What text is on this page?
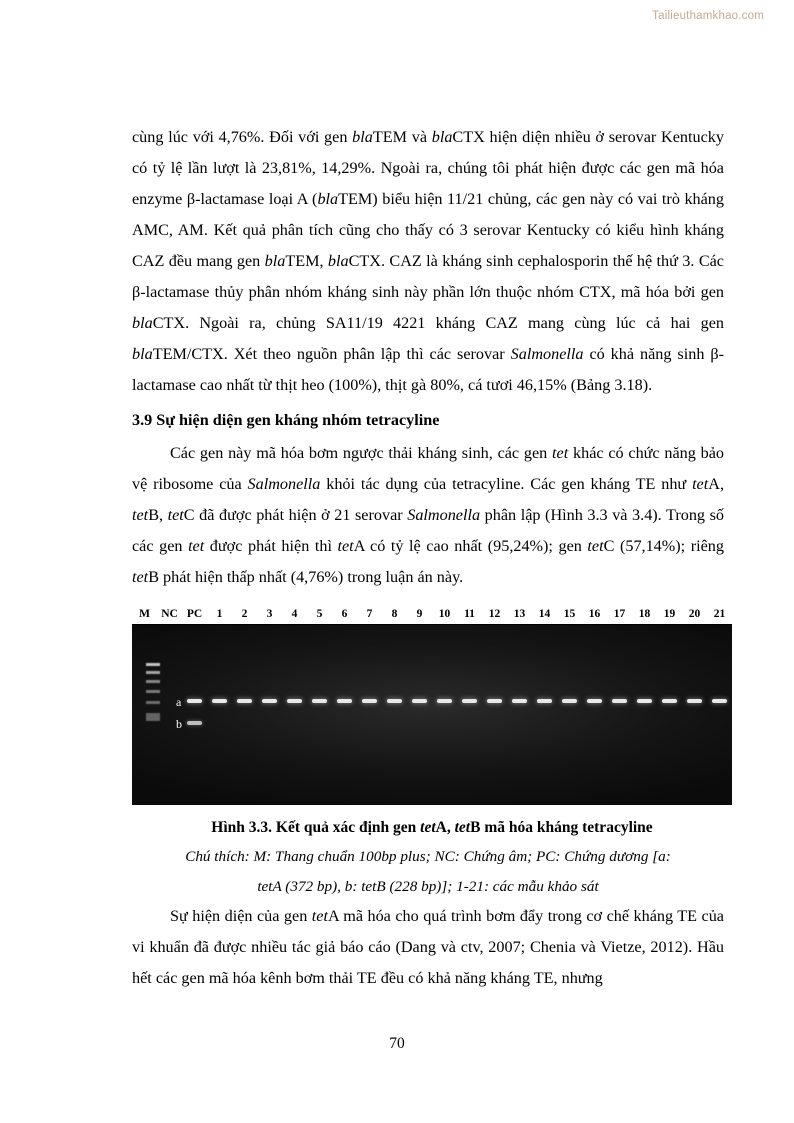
Tailieuthamkhao.com

cùng lúc với 4,76%. Đối với gen blaTEM và blaCTX hiện diện nhiều ở serovar Kentucky có tỷ lệ lần lượt là 23,81%, 14,29%. Ngoài ra, chúng tôi phát hiện được các gen mã hóa enzyme β-lactamase loại A (blaTEM) biểu hiện 11/21 chủng, các gen này có vai trò kháng AMC, AM. Kết quả phân tích cũng cho thấy có 3 serovar Kentucky có kiểu hình kháng CAZ đều mang gen blaTEM, blaCTX. CAZ là kháng sinh cephalosporin thế hệ thứ 3. Các β-lactamase thủy phân nhóm kháng sinh này phần lớn thuộc nhóm CTX, mã hóa bởi gen blaCTX. Ngoài ra, chủng SA11/19 4221 kháng CAZ mang cùng lúc cả hai gen blaTEM/CTX. Xét theo nguồn phân lập thì các serovar Salmonella có khả năng sinh β-lactamase cao nhất từ thịt heo (100%), thịt gà 80%, cá tươi 46,15% (Bảng 3.18).

3.9 Sự hiện diện gen kháng nhóm tetracyline

Các gen này mã hóa bơm ngược thải kháng sinh, các gen tet khác có chức năng bảo vệ ribosome của Salmonella khỏi tác dụng của tetracyline. Các gen kháng TE như tetA, tetB, tetC đã được phát hiện ở 21 serovar Salmonella phân lập (Hình 3.3 và 3.4). Trong số các gen tet được phát hiện thì tetA có tỷ lệ cao nhất (95,24%); gen tetC (57,14%); riêng tetB phát hiện thấp nhất (4,76%) trong luận án này.

M NC PC	1	2	3	4	5	6	7	8	9	10	11	12	13	14	15	16	17	18	19	20	21
a
b
Hình 3.3. Kết quả xác định gen tetA, tetB mã hóa kháng tetracyline
Chú thích: M: Thang chuẩn 100bp plus; NC: Chứng âm; PC: Chứng dương [a:
tetA (372 bp), b: tetB (228 bp)]; 1-21: các mẫu khảo sát

Sự hiện diện của gen tetA mã hóa cho quá trình bơm đẩy trong cơ chế kháng TE của vi khuẩn đã được nhiều tác giả báo cáo (Dang và ctv, 2007; Chenia và Vietze, 2012). Hầu hết các gen mã hóa kênh bơm thải TE đều có khả năng kháng TE, nhưng

70
